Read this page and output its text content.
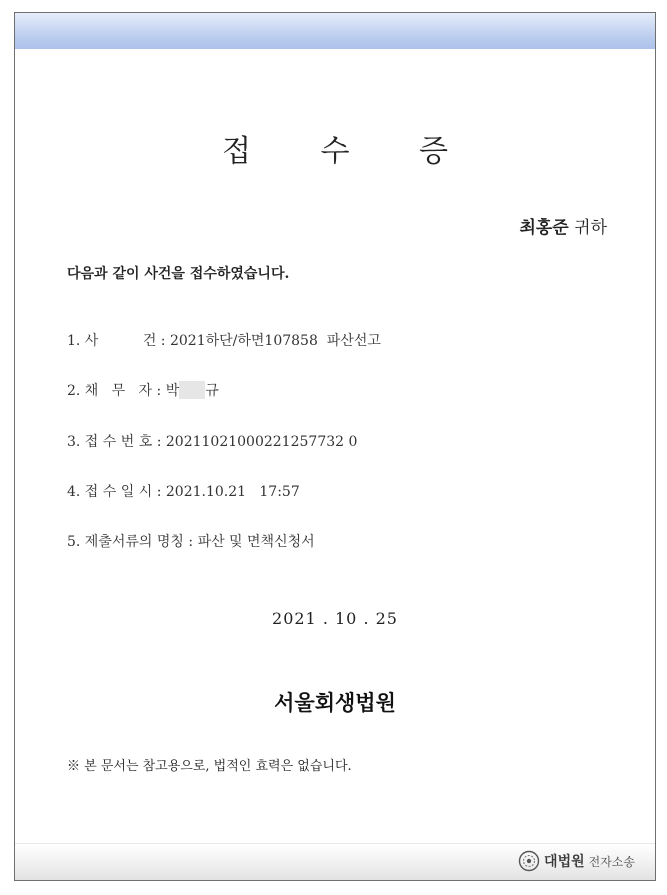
접 수 증
최홍준 귀하
다음과 같이 사건을 접수하였습니다.
1. 사          건 : 2021하단/하면107858  파산선고
2. 채   무   자 : 박 규
3. 접 수 번 호 : 20211021000221257732 0
4. 접 수 일 시 : 2021.10.21   17:57
5. 제출서류의 명칭 : 파산 및 면책신청서
2021 . 10 . 25
서울회생법원
※ 본 문서는 참고용으로, 법적인 효력은 없습니다.
대법원 전자소송
